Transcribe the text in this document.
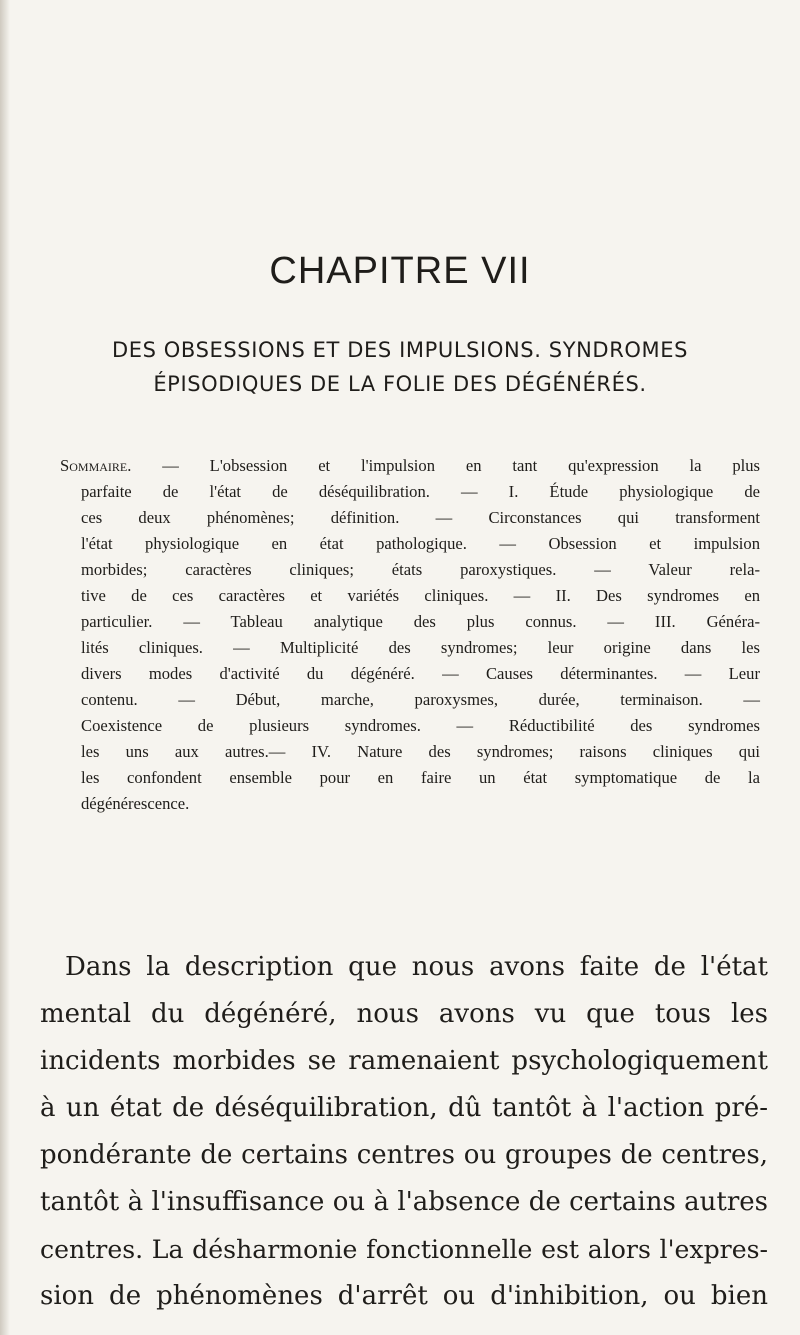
CHAPITRE VII
DES OBSESSIONS ET DES IMPULSIONS. SYNDROMES
ÉPISODIQUES DE LA FOLIE DES DÉGÉNÉRÉS.
Sommaire. — L'obsession et l'impulsion en tant qu'expression la plus
parfaite de l'état de déséquilibration. — I. Étude physiologique de
ces deux phénomènes; définition. — Circonstances qui transforment
l'état physiologique en état pathologique. — Obsession et impulsion
morbides; caractères cliniques; états paroxystiques. — Valeur rela-
tive de ces caractères et variétés cliniques. — II. Des syndromes en
particulier. — Tableau analytique des plus connus. — III. Généra-
lités cliniques. — Multiplicité des syndromes; leur origine dans les
divers modes d'activité du dégénéré. — Causes déterminantes. — Leur
contenu. — Début, marche, paroxysmes, durée, terminaison. —
Coexistence de plusieurs syndromes. — Réductibilité des syndromes
les uns aux autres.— IV. Nature des syndromes; raisons cliniques qui
les confondent ensemble pour en faire un état symptomatique de la
dégénérescence.
Dans la description que nous avons faite de l'état
mental du dégénéré, nous avons vu que tous les
incidents morbides se ramenaient psychologiquement
à un état de déséquilibration, dû tantôt à l'action pré-
pondérante de certains centres ou groupes de centres,
tantôt à l'insuffisance ou à l'absence de certains autres
centres. La désharmonie fonctionnelle est alors l'expres-
sion de phénomènes d'arrêt ou d'inhibition, ou bien
